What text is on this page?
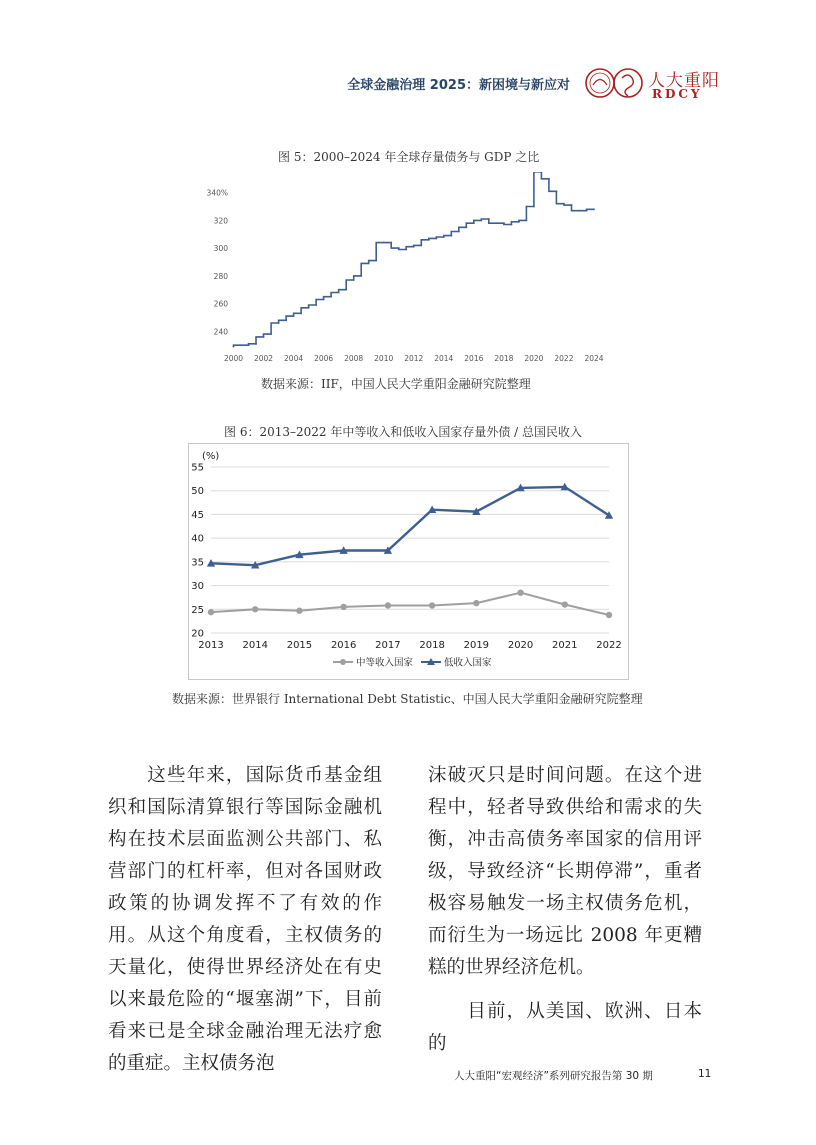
全球金融治理 2025：新困境与新应对	人大重阳
RDCY
图 5：2000–2024 年全球存量债务与 GDP 之比
240
260
280
300
320
340%
2000 2002 2004 2006 2008 2010 2012 2014 2016 2018 2020 2022 2024
数据来源：IIF，中国人民大学重阳金融研究院整理
图 6：2013–2022 年中等收入和低收入国家存量外债 / 总国民收入
20
25
30
35
40
45
50
55
(%)
2013 2014 2015 2016 2017 2018 2019 2020 2021 2022
中等收入国家	低收入国家
数据来源：世界银行 International Debt Statistic、中国人民大学重阳金融研究院整理

　　这些年来，国际货币基金组织和国际清算银行等国际金融机构在技术层面监测公共部门、私营部门的杠杆率，但对各国财政政策的协调发挥不了有效的作用。从这个角度看，主权债务的天量化，使得世界经济处在有史以来最危险的“堰塞湖”下，目前看来已是全球金融治理无法疗愈的重症。主权债务泡

沫破灭只是时间问题。在这个进程中，轻者导致供给和需求的失衡，冲击高债务率国家的信用评级，导致经济“长期停滞”，重者极容易触发一场主权债务危机，而衍生为一场远比 2008 年更糟糕的世界经济危机。

　　目前，从美国、欧洲、日本的

人大重阳“宏观经济”系列研究报告第 30 期	11
